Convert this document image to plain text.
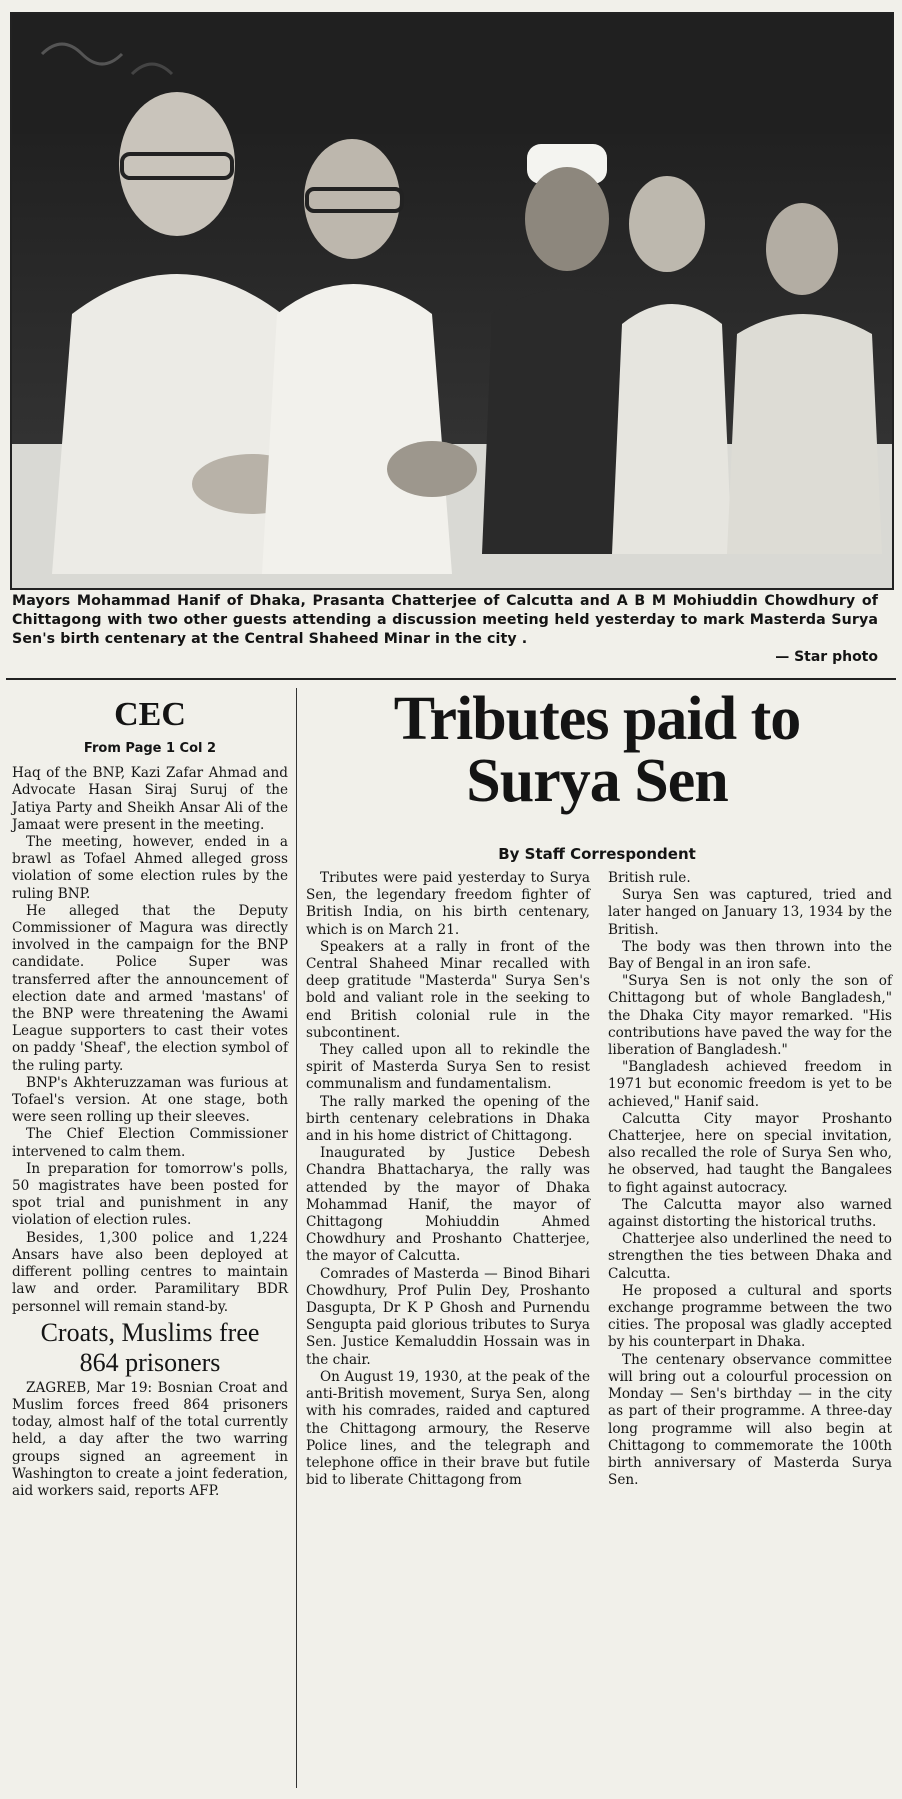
Mayors Mohammad Hanif of Dhaka, Prasanta Chatterjee of Calcutta and A B M Mohiuddin Chowdhury of Chittagong with two other guests attending a discussion meeting held yesterday to mark Masterda Surya Sen's birth centenary at the Central Shaheed Minar in the city .
— Star photo
CEC
From Page 1 Col 2

Haq of the BNP, Kazi Zafar Ahmad and Advocate Hasan Siraj Suruj of the Jatiya Party and Sheikh Ansar Ali of the Jamaat were present in the meeting.

The meeting, however, ended in a brawl as Tofael Ahmed alleged gross violation of some election rules by the ruling BNP.

He alleged that the Deputy Commissioner of Magura was directly involved in the campaign for the BNP candidate. Police Super was transferred after the announcement of election date and armed 'mastans' of the BNP were threatening the Awami League supporters to cast their votes on paddy 'Sheaf', the election symbol of the ruling party.

BNP's Akhteruzzaman was furious at Tofael's version. At one stage, both were seen rolling up their sleeves.

The Chief Election Commissioner intervened to calm them.

In preparation for tomorrow's polls, 50 magistrates have been posted for spot trial and punishment in any violation of election rules.

Besides, 1,300 police and 1,224 Ansars have also been deployed at different polling centres to maintain law and order. Paramilitary BDR personnel will remain stand-by.

Croats, Muslims free
864 prisoners

ZAGREB, Mar 19: Bosnian Croat and Muslim forces freed 864 prisoners today, almost half of the total currently held, a day after the two warring groups signed an agreement in Washington to create a joint federation, aid workers said, reports AFP.

Tributes paid to
Surya Sen
By Staff Correspondent

Tributes were paid yesterday to Surya Sen, the legendary freedom fighter of British India, on his birth centenary, which is on March 21.

Speakers at a rally in front of the Central Shaheed Minar recalled with deep gratitude "Masterda" Surya Sen's bold and valiant role in the seeking to end British colonial rule in the subcontinent.

They called upon all to rekindle the spirit of Masterda Surya Sen to resist communalism and fundamentalism.

The rally marked the opening of the birth centenary celebrations in Dhaka and in his home district of Chittagong.

Inaugurated by Justice Debesh Chandra Bhattacharya, the rally was attended by the mayor of Dhaka Mohammad Hanif, the mayor of Chittagong Mohiuddin Ahmed Chowdhury and Proshanto Chatterjee, the mayor of Calcutta.

Comrades of Masterda — Binod Bihari Chowdhury, Prof Pulin Dey, Proshanto Dasgupta, Dr K P Ghosh and Purnendu Sengupta paid glorious tributes to Surya Sen. Justice Kemaluddin Hossain was in the chair.

On August 19, 1930, at the peak of the anti-British movement, Surya Sen, along with his comrades, raided and captured the Chittagong armoury, the Reserve Police lines, and the telegraph and telephone office in their brave but futile bid to liberate Chittagong from

British rule.

Surya Sen was captured, tried and later hanged on January 13, 1934 by the British.

The body was then thrown into the Bay of Bengal in an iron safe.

"Surya Sen is not only the son of Chittagong but of whole Bangladesh," the Dhaka City mayor remarked. "His contributions have paved the way for the liberation of Bangladesh."

"Bangladesh achieved freedom in 1971 but economic freedom is yet to be achieved," Hanif said.

Calcutta City mayor Proshanto Chatterjee, here on special invitation, also recalled the role of Surya Sen who, he observed, had taught the Bangalees to fight against autocracy.

The Calcutta mayor also warned against distorting the historical truths.

Chatterjee also underlined the need to strengthen the ties between Dhaka and Calcutta.

He proposed a cultural and sports exchange programme between the two cities. The proposal was gladly accepted by his counterpart in Dhaka.

The centenary observance committee will bring out a colourful procession on Monday — Sen's birthday — in the city as part of their programme. A three-day long programme will also begin at Chittagong to commemorate the 100th birth anniversary of Masterda Surya Sen.
